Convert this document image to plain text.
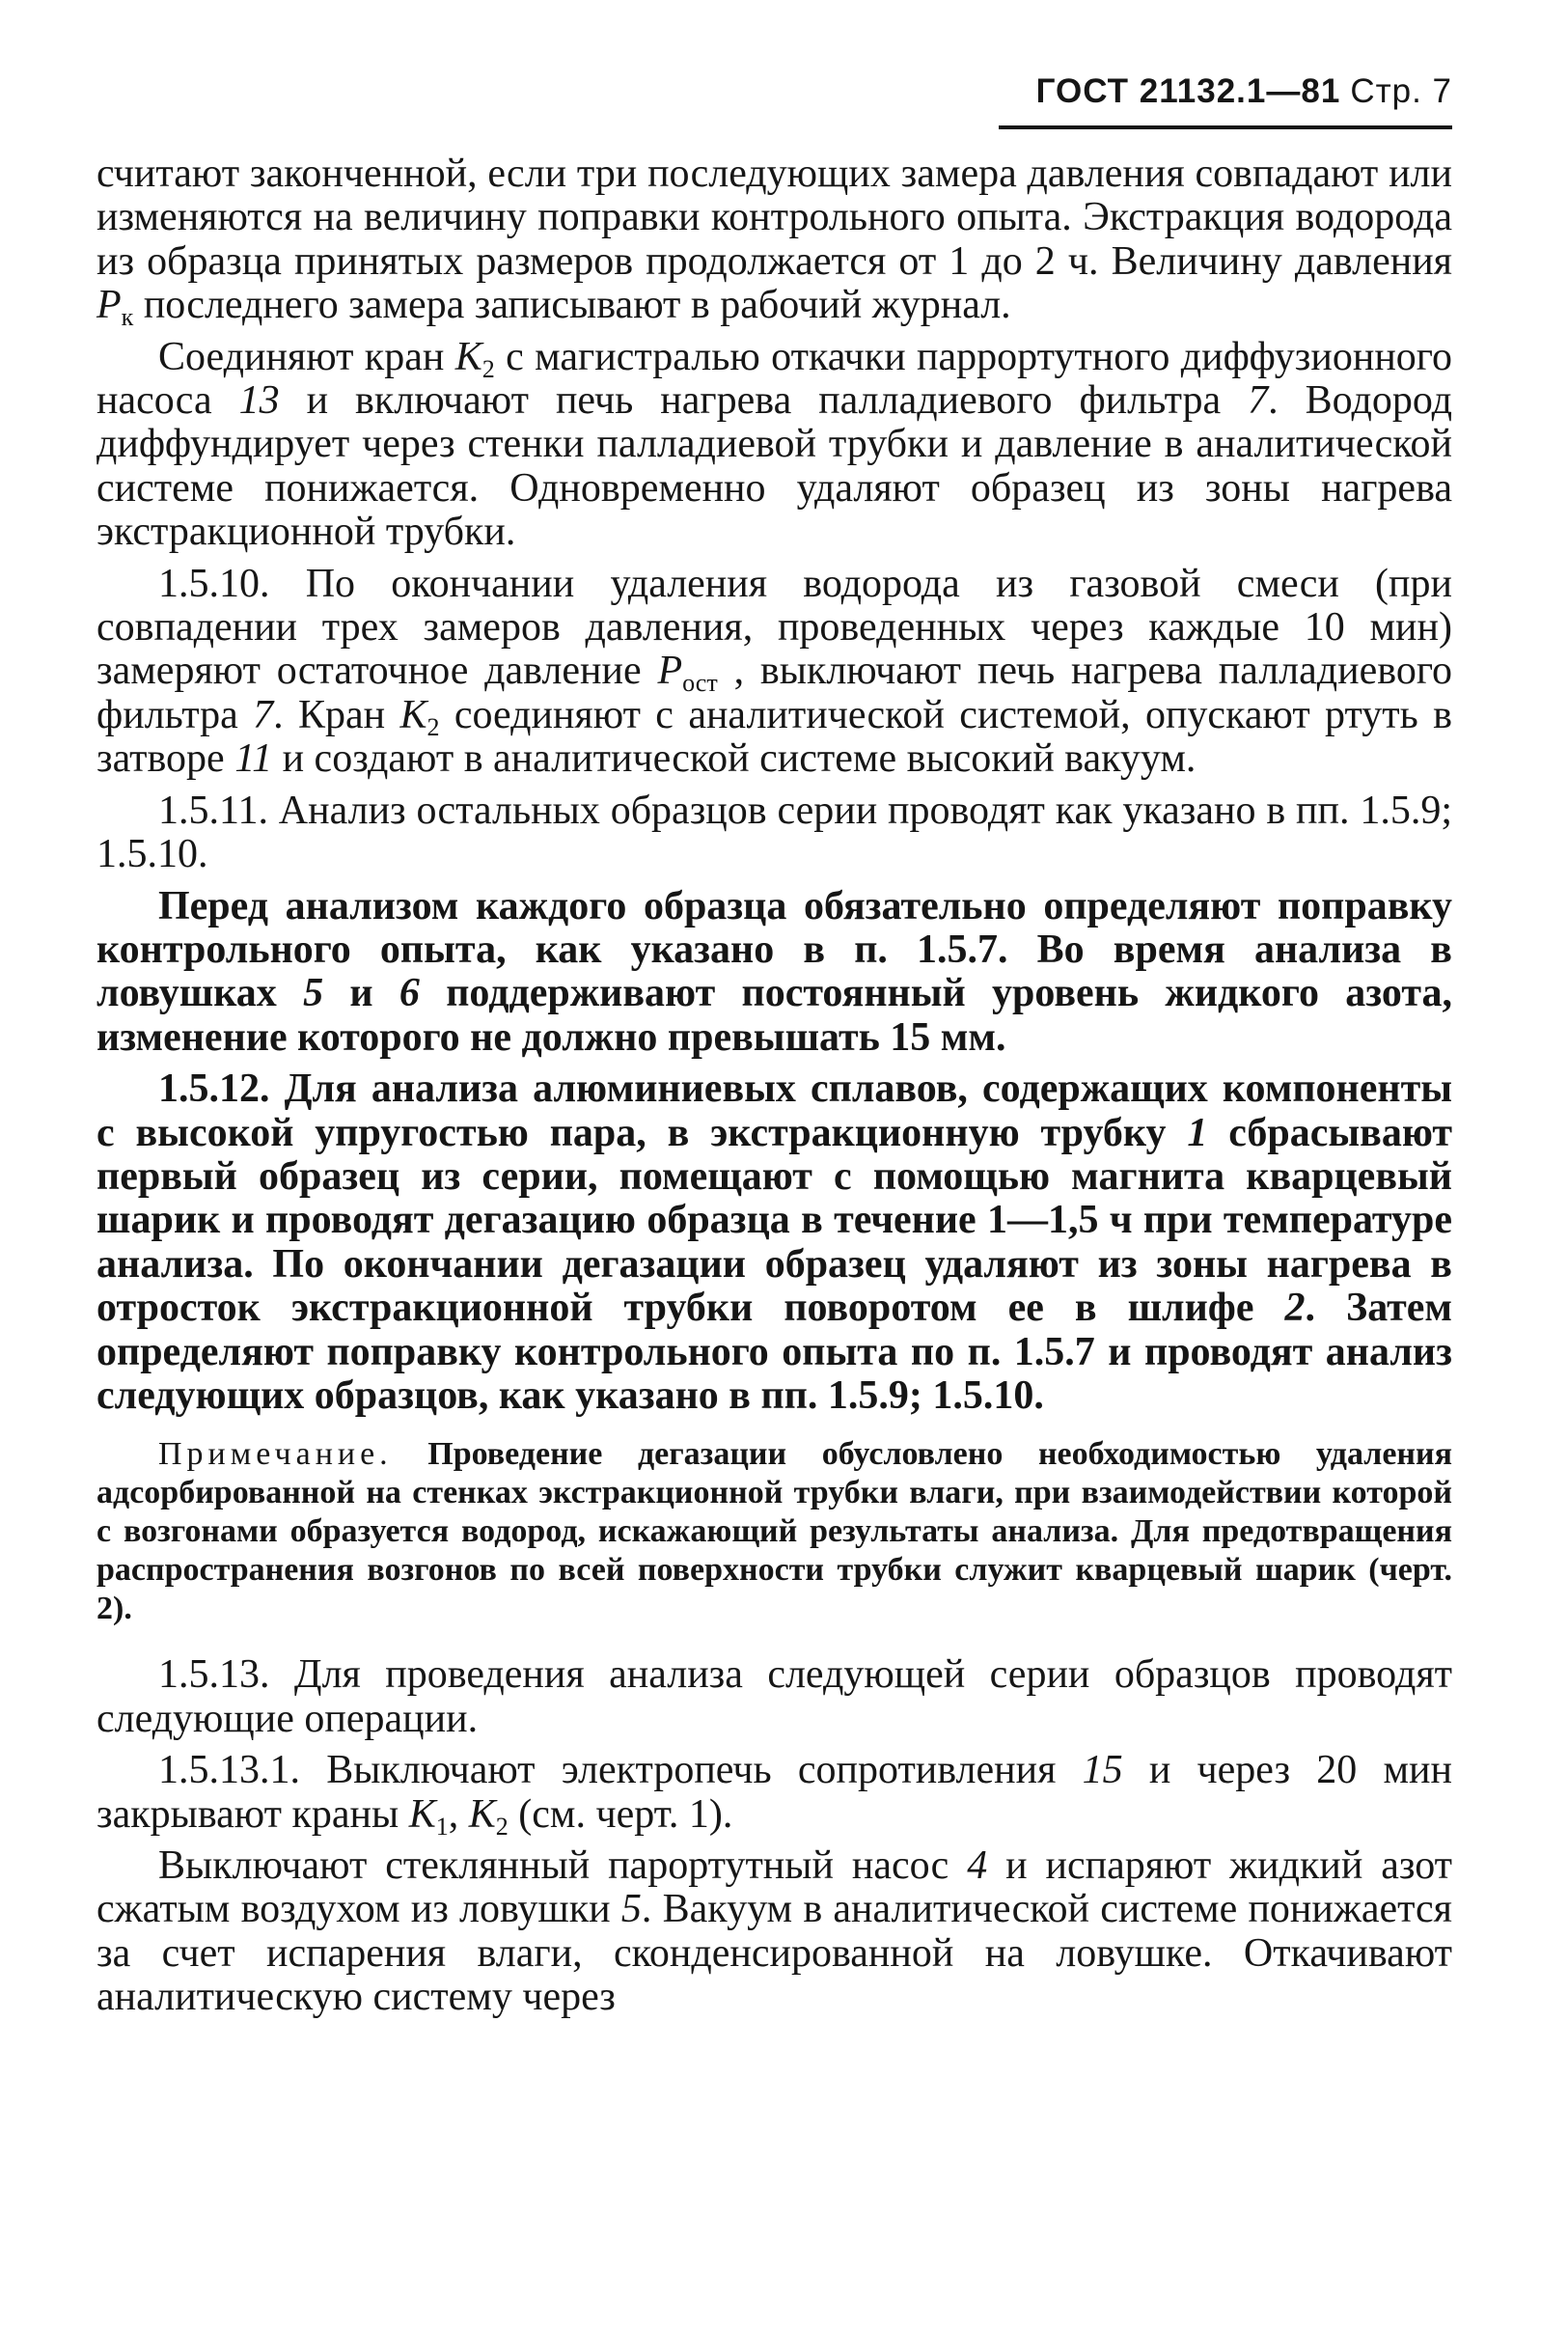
ГОСТ 21132.1—81 Стр. 7

считают законченной, если три последующих замера давления совпадают или изменяются на величину поправки контрольного опыта. Экстракция водорода из образца принятых размеров продолжается от 1 до 2 ч. Величину давления $P_к$ последнего замера записывают в рабочий журнал.

Соединяют кран $K_2$ с магистралью откачки паррортутного диффузионного насоса 13 и включают печь нагрева палладиевого фильтра 7. Водород диффундирует через стенки палладиевой трубки и давление в аналитической системе понижается. Одновременно удаляют образец из зоны нагрева экстракционной трубки.

1.5.10. По окончании удаления водорода из газовой смеси (при совпадении трех замеров давления, проведенных через каждые 10 мин) замеряют остаточное давление $P_{ост}$ , выключают печь нагрева палладиевого фильтра 7. Кран $K_2$ соединяют с аналитической системой, опускают ртуть в затворе 11 и создают в аналитической системе высокий вакуум.

1.5.11. Анализ остальных образцов серии проводят как указано в пп. 1.5.9; 1.5.10.

Перед анализом каждого образца обязательно определяют поправку контрольного опыта, как указано в п. 1.5.7. Во время анализа в ловушках 5 и 6 поддерживают постоянный уровень жидкого азота, изменение которого не должно превышать 15 мм.

1.5.12. Для анализа алюминиевых сплавов, содержащих компоненты с высокой упругостью пара, в экстракционную трубку 1 сбрасывают первый образец из серии, помещают с помощью магнита кварцевый шарик и проводят дегазацию образца в течение 1—1,5 ч при температуре анализа. По окончании дегазации образец удаляют из зоны нагрева в отросток экстракционной трубки поворотом ее в шлифе 2. Затем определяют поправку контрольного опыта по п. 1.5.7 и проводят анализ следующих образцов, как указано в пп. 1.5.9; 1.5.10.

Примечание. Проведение дегазации обусловлено необходимостью удаления адсорбированной на стенках экстракционной трубки влаги, при взаимодействии которой с возгонами образуется водород, искажающий результаты анализа. Для предотвращения распространения возгонов по всей поверхности трубки служит кварцевый шарик (черт. 2).

1.5.13. Для проведения анализа следующей серии образцов проводят следующие операции.

1.5.13.1. Выключают электропечь сопротивления 15 и через 20 мин закрывают краны $K_1$, $K_2$ (см. черт. 1).

Выключают стеклянный парортутный насос 4 и испаряют жидкий азот сжатым воздухом из ловушки 5. Вакуум в аналитической системе понижается за счет испарения влаги, сконденсированной на ловушке. Откачивают аналитическую систему через
